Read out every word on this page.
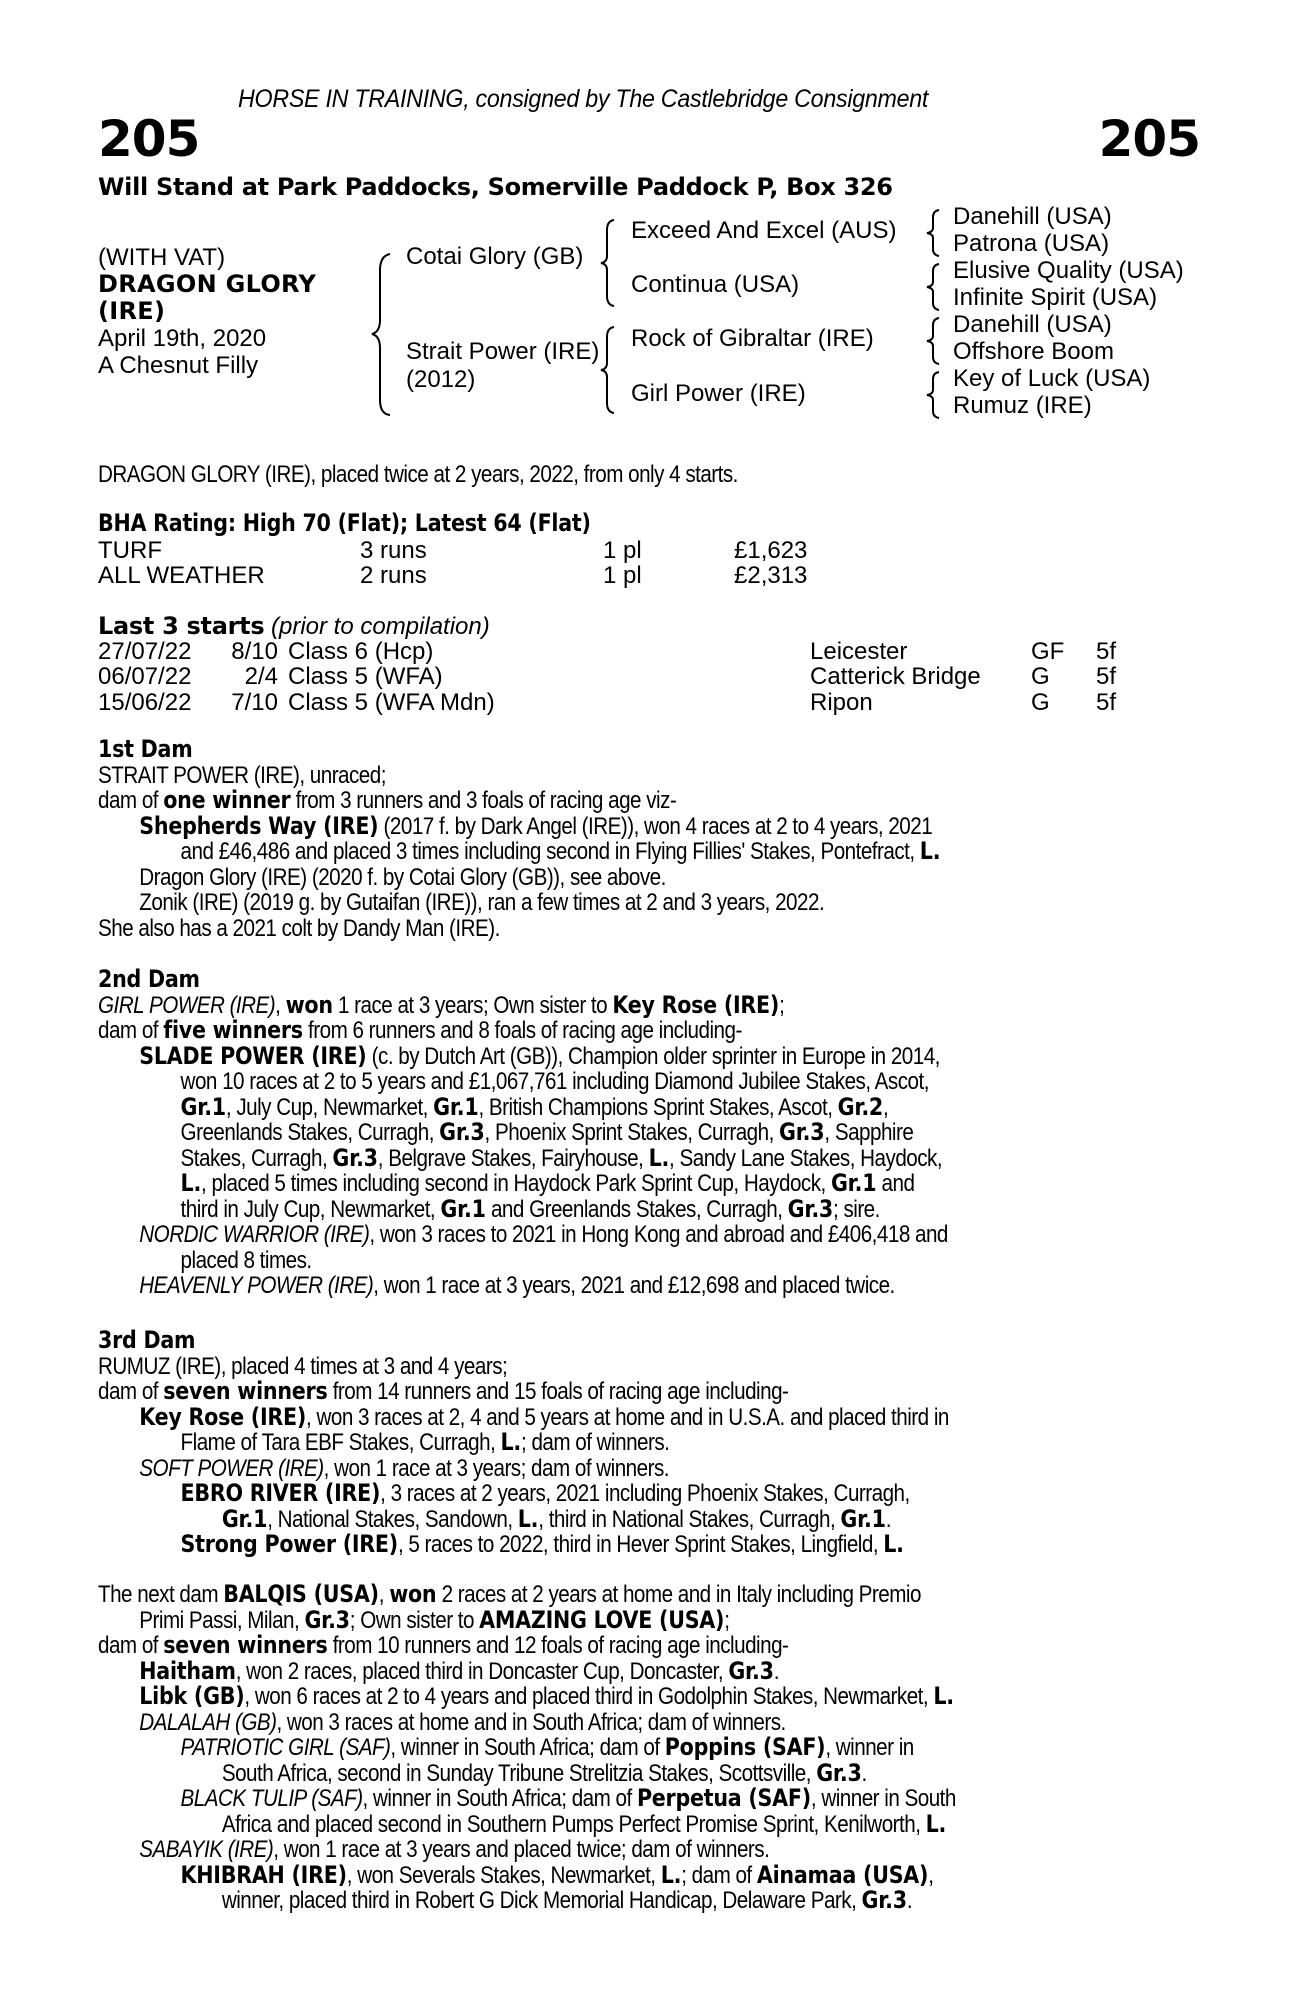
HORSE IN TRAINING, consigned by The Castlebridge Consignment
205	205
Will Stand at Park Paddocks, Somerville Paddock P, Box 326
(WITH VAT)
DRAGON GLORY
(IRE)
April 19th, 2020
A Chesnut Filly
Cotai Glory (GB)
Strait Power (IRE)
(2012)
Exceed And Excel (AUS)
Continua (USA)
Rock of Gibraltar (IRE)
Girl Power (IRE)
Danehill (USA)
Patrona (USA)
Elusive Quality (USA)
Infinite Spirit (USA)
Danehill (USA)
Offshore Boom
Key of Luck (USA)
Rumuz (IRE)
DRAGON GLORY (IRE), placed twice at 2 years, 2022, from only 4 starts.
BHA Rating: High 70 (Flat); Latest 64 (Flat)
TURF	3 runs	1 pl	£1,623
ALL WEATHER	2 runs	1 pl	£2,313
Last 3 starts (prior to compilation)
27/07/22	8/10 Class 6 (Hcp)	Leicester	GF 5f
06/07/22	2/4 Class 5 (WFA)	Catterick Bridge G 5f
15/06/22	7/10 Class 5 (WFA Mdn)	Ripon	G 5f
1st Dam
STRAIT POWER (IRE), unraced;
dam of one winner from 3 runners and 3 foals of racing age viz-
Shepherds Way (IRE) (2017 f. by Dark Angel (IRE)), won 4 races at 2 to 4 years, 2021
and £46,486 and placed 3 times including second in Flying Fillies' Stakes, Pontefract, L.
Dragon Glory (IRE) (2020 f. by Cotai Glory (GB)), see above.
Zonik (IRE) (2019 g. by Gutaifan (IRE)), ran a few times at 2 and 3 years, 2022.
She also has a 2021 colt by Dandy Man (IRE).
2nd Dam
GIRL POWER (IRE), won 1 race at 3 years; Own sister to Key Rose (IRE);
dam of five winners from 6 runners and 8 foals of racing age including-
SLADE POWER (IRE) (c. by Dutch Art (GB)), Champion older sprinter in Europe in 2014,
won 10 races at 2 to 5 years and £1,067,761 including Diamond Jubilee Stakes, Ascot,
Gr.1, July Cup, Newmarket, Gr.1, British Champions Sprint Stakes, Ascot, Gr.2,
Greenlands Stakes, Curragh, Gr.3, Phoenix Sprint Stakes, Curragh, Gr.3, Sapphire
Stakes, Curragh, Gr.3, Belgrave Stakes, Fairyhouse, L., Sandy Lane Stakes, Haydock,
L., placed 5 times including second in Haydock Park Sprint Cup, Haydock, Gr.1 and
third in July Cup, Newmarket, Gr.1 and Greenlands Stakes, Curragh, Gr.3; sire.
NORDIC WARRIOR (IRE), won 3 races to 2021 in Hong Kong and abroad and £406,418 and
placed 8 times.
HEAVENLY POWER (IRE), won 1 race at 3 years, 2021 and £12,698 and placed twice.
3rd Dam
RUMUZ (IRE), placed 4 times at 3 and 4 years;
dam of seven winners from 14 runners and 15 foals of racing age including-
Key Rose (IRE), won 3 races at 2, 4 and 5 years at home and in U.S.A. and placed third in
Flame of Tara EBF Stakes, Curragh, L.; dam of winners.
SOFT POWER (IRE), won 1 race at 3 years; dam of winners.
EBRO RIVER (IRE), 3 races at 2 years, 2021 including Phoenix Stakes, Curragh,
Gr.1, National Stakes, Sandown, L., third in National Stakes, Curragh, Gr.1.
Strong Power (IRE), 5 races to 2022, third in Hever Sprint Stakes, Lingfield, L.
The next dam BALQIS (USA), won 2 races at 2 years at home and in Italy including Premio
Primi Passi, Milan, Gr.3; Own sister to AMAZING LOVE (USA);
dam of seven winners from 10 runners and 12 foals of racing age including-
Haitham, won 2 races, placed third in Doncaster Cup, Doncaster, Gr.3.
Libk (GB), won 6 races at 2 to 4 years and placed third in Godolphin Stakes, Newmarket, L.
DALALAH (GB), won 3 races at home and in South Africa; dam of winners.
PATRIOTIC GIRL (SAF), winner in South Africa; dam of Poppins (SAF), winner in
South Africa, second in Sunday Tribune Strelitzia Stakes, Scottsville, Gr.3.
BLACK TULIP (SAF), winner in South Africa; dam of Perpetua (SAF), winner in South
Africa and placed second in Southern Pumps Perfect Promise Sprint, Kenilworth, L.
SABAYIK (IRE), won 1 race at 3 years and placed twice; dam of winners.
KHIBRAH (IRE), won Severals Stakes, Newmarket, L.; dam of Ainamaa (USA),
winner, placed third in Robert G Dick Memorial Handicap, Delaware Park, Gr.3.
